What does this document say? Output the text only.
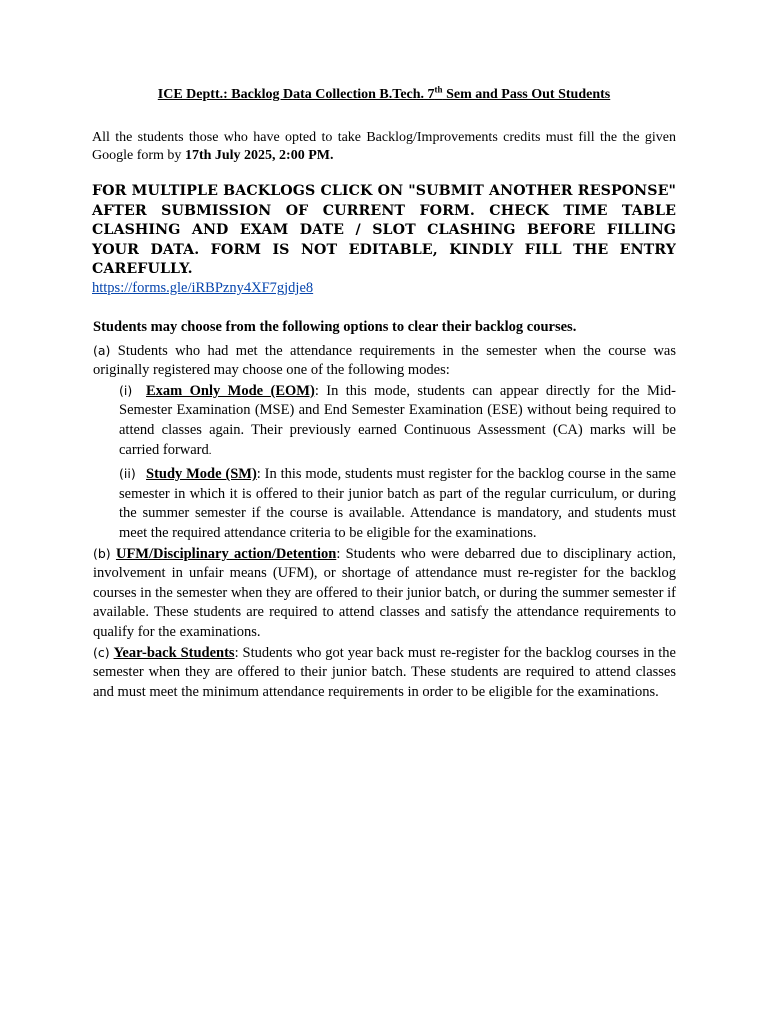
ICE Deptt.: Backlog Data Collection B.Tech. 7th Sem and Pass Out Students
All the students those who have opted to take Backlog/Improvements credits must fill the the given Google form by 17th July 2025, 2:00 PM.
FOR MULTIPLE BACKLOGS CLICK ON "SUBMIT ANOTHER RESPONSE" AFTER SUBMISSION OF CURRENT FORM. CHECK TIME TABLE CLASHING AND EXAM DATE / SLOT CLASHING BEFORE FILLING YOUR DATA. FORM IS NOT EDITABLE, KINDLY FILL THE ENTRY CAREFULLY.
https://forms.gle/iRBPzny4XF7gjdje8

Students may choose from the following options to clear their backlog courses.

(a) Students who had met the attendance requirements in the semester when the course was originally registered may choose one of the following modes:

(i) Exam Only Mode (EOM): In this mode, students can appear directly for the Mid-Semester Examination (MSE) and End Semester Examination (ESE) without being required to attend classes again. Their previously earned Continuous Assessment (CA) marks will be carried forward.

(ii) Study Mode (SM): In this mode, students must register for the backlog course in the same semester in which it is offered to their junior batch as part of the regular curriculum, or during the summer semester if the course is available. Attendance is mandatory, and students must meet the required attendance criteria to be eligible for the examinations.

(b) UFM/Disciplinary action/Detention: Students who were debarred due to disciplinary action, involvement in unfair means (UFM), or shortage of attendance must re-register for the backlog courses in the semester when they are offered to their junior batch, or during the summer semester if available. These students are required to attend classes and satisfy the attendance requirements to qualify for the examinations.

(c) Year-back Students: Students who got year back must re-register for the backlog courses in the semester when they are offered to their junior batch. These students are required to attend classes and must meet the minimum attendance requirements in order to be eligible for the examinations.
